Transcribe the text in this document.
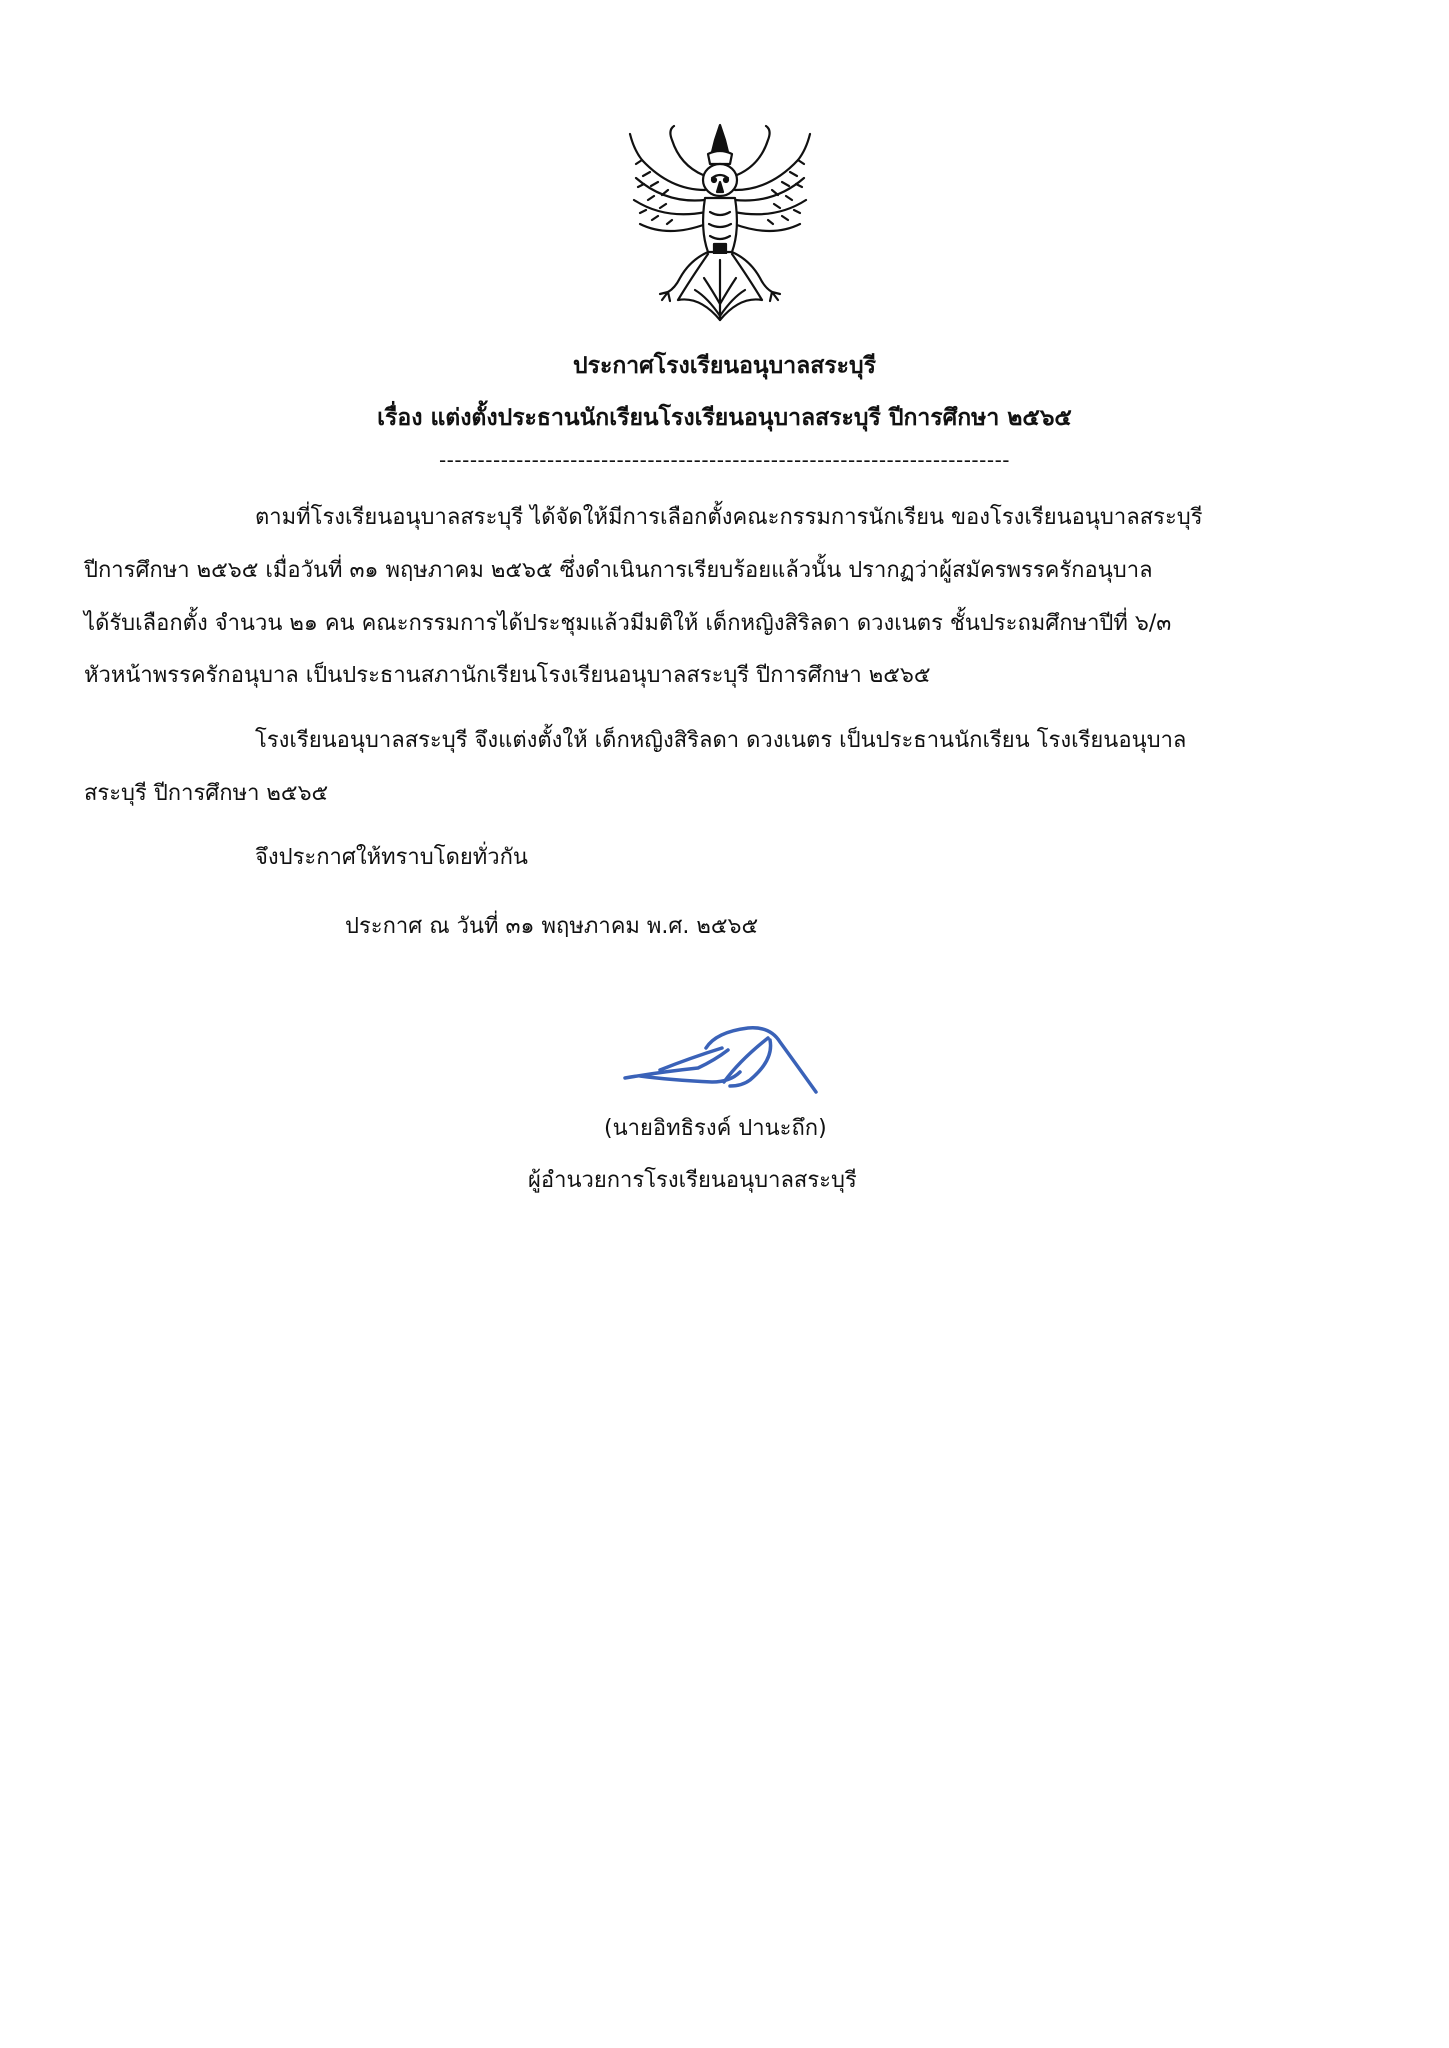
ประกาศโรงเรียนอนุบาลสระบุรี
เรื่อง แต่งตั้งประธานนักเรียนโรงเรียนอนุบาลสระบุรี ปีการศึกษา ๒๕๖๕
--------------------------------------------------------------------------
ตามที่โรงเรียนอนุบาลสระบุรี ได้จัดให้มีการเลือกตั้งคณะกรรมการนักเรียน ของโรงเรียนอนุบาลสระบุรี
ปีการศึกษา ๒๕๖๕ เมื่อวันที่ ๓๑ พฤษภาคม ๒๕๖๕ ซึ่งดำเนินการเรียบร้อยแล้วนั้น ปรากฏว่าผู้สมัครพรรครักอนุบาล
ได้รับเลือกตั้ง จำนวน ๒๑ คน คณะกรรมการได้ประชุมแล้วมีมติให้ เด็กหญิงสิริลดา ดวงเนตร ชั้นประถมศึกษาปีที่ ๖/๓
หัวหน้าพรรครักอนุบาล เป็นประธานสภานักเรียนโรงเรียนอนุบาลสระบุรี ปีการศึกษา ๒๕๖๕
โรงเรียนอนุบาลสระบุรี จึงแต่งตั้งให้ เด็กหญิงสิริลดา ดวงเนตร เป็นประธานนักเรียน โรงเรียนอนุบาล
สระบุรี ปีการศึกษา ๒๕๖๕
จึงประกาศให้ทราบโดยทั่วกัน
ประกาศ ณ วันที่ ๓๑ พฤษภาคม พ.ศ. ๒๕๖๕
(นายอิทธิรงค์ ปานะถึก)
ผู้อำนวยการโรงเรียนอนุบาลสระบุรี
